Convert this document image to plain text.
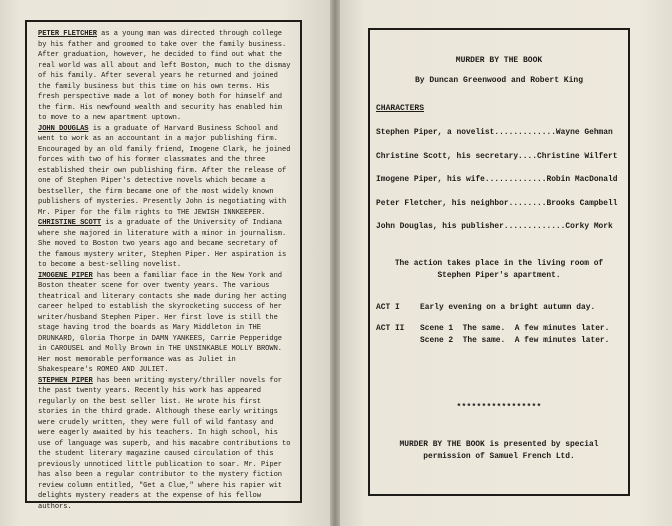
PETER FLETCHER as a young man was directed through college by his father and groomed to take over the family business. After graduation, however, he decided to find out what the real world was all about and left Boston, much to the dismay of his family. After several years he returned and joined the family business but this time on his own terms. His fresh perspective made a lot of money both for himself and the firm. His newfound wealth and security has enabled him to move to a new apartment uptown.

JOHN DOUGLAS is a graduate of Harvard Business School and went to work as an accountant in a major publishing firm. Encouraged by an old family friend, Imogene Clark, he joined forces with two of his former classmates and the three established their own publishing firm. After the release of one of Stephen Piper's detective novels which became a bestseller, the firm became one of the most widely known publishers of mysteries. Presently John is negotiating with Mr. Piper for the film rights to THE JEWISH INNKEEPER.

CHRISTINE SCOTT is a graduate of the University of Indiana where she majored in literature with a minor in journalism. She moved to Boston two years ago and became secretary of the famous mystery writer, Stephen Piper. Her aspiration is to become a best-selling novelist.

IMOGENE PIPER has been a familiar face in the New York and Boston theater scene for over twenty years. The various theatrical and literary contacts she made during her acting career helped to establish the skyrocketing success of her writer/husband Stephen Piper. Her first love is still the stage having trod the boards as Mary Middleton in THE DRUNKARD, Gloria Thorpe in DAMN YANKEES, Carrie Pepperidge in CAROUSEL and Molly Brown in THE UNSINKABLE MOLLY BROWN. Her most memorable performance was as Juliet in Shakespeare's ROMEO AND JULIET.

STEPHEN PIPER has been writing mystery/thriller novels for the past twenty years. Recently his work has appeared regularly on the best seller list. He wrote his first stories in the third grade. Although these early writings were crudely written, they were full of wild fantasy and were eagerly awaited by his teachers. In high school, his use of language was superb, and his macabre contributions to the student literary magazine caused circulation of this previously unnoticed little publication to soar. Mr. Piper has also been a regular contributor to the mystery fiction review column entitled, "Get a Clue," where his rapier wit delights mystery readers at the expense of his fellow authors.

MURDER BY THE BOOK
By Duncan Greenwood and Robert King
CHARACTERS
Stephen Piper, a novelist.............Wayne Gehman
Christine Scott, his secretary....Christine Wilfert
Imogene Piper, his wife.............Robin MacDonald
Peter Fletcher, his neighbor........Brooks Campbell
John Douglas, his publisher.............Corky Mork
The action takes place in the living room of Stephen Piper's apartment.
ACT I	Early evening on a bright autumn day.

ACT II	Scene 1  The same.  A few minutes later.
	Scene 2  The same.  A few minutes later.
*****************
MURDER BY THE BOOK is presented by special permission of Samuel French Ltd.
